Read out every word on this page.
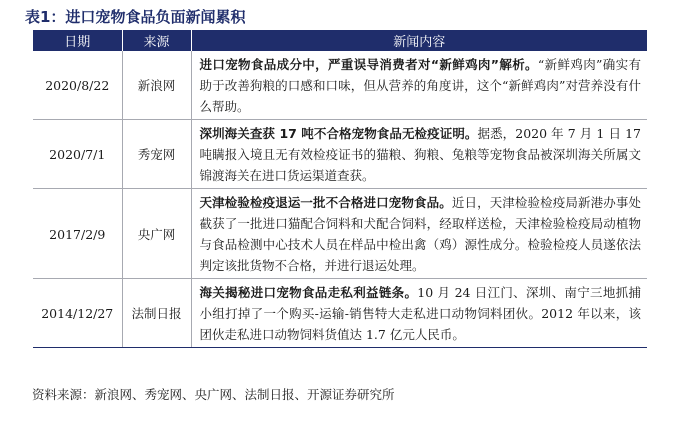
表1：进口宠物食品负面新闻累积
日期	来源	新闻内容
2020/8/22	新浪网	进口宠物食品成分中，严重误导消费者对“新鲜鸡肉”解析。“新鲜鸡肉”确实有助于改善狗粮的口感和口味，但从营养的角度讲，这个“新鲜鸡肉”对营养没有什么帮助。
2020/7/1	秀宠网	深圳海关查获 17 吨不合格宠物食品无检疫证明。据悉，2020 年 7 月 1 日 17 吨瞒报入境且无有效检疫证书的猫粮、狗粮、兔粮等宠物食品被深圳海关所属文锦渡海关在进口货运渠道查获。
2017/2/9	央广网	天津检验检疫退运一批不合格进口宠物食品。近日，天津检验检疫局新港办事处截获了一批进口猫配合饲料和犬配合饲料，经取样送检，天津检验检疫局动植物与食品检测中心技术人员在样品中检出禽（鸡）源性成分。检验检疫人员遂依法判定该批货物不合格，并进行退运处理。
2014/12/27	法制日报	海关揭秘进口宠物食品走私利益链条。10 月 24 日江门、深圳、南宁三地抓捕小组打掉了一个购买-运输-销售特大走私进口动物饲料团伙。2012 年以来，该团伙走私进口动物饲料货值达 1.7 亿元人民币。
资料来源：新浪网、秀宠网、央广网、法制日报、开源证券研究所
